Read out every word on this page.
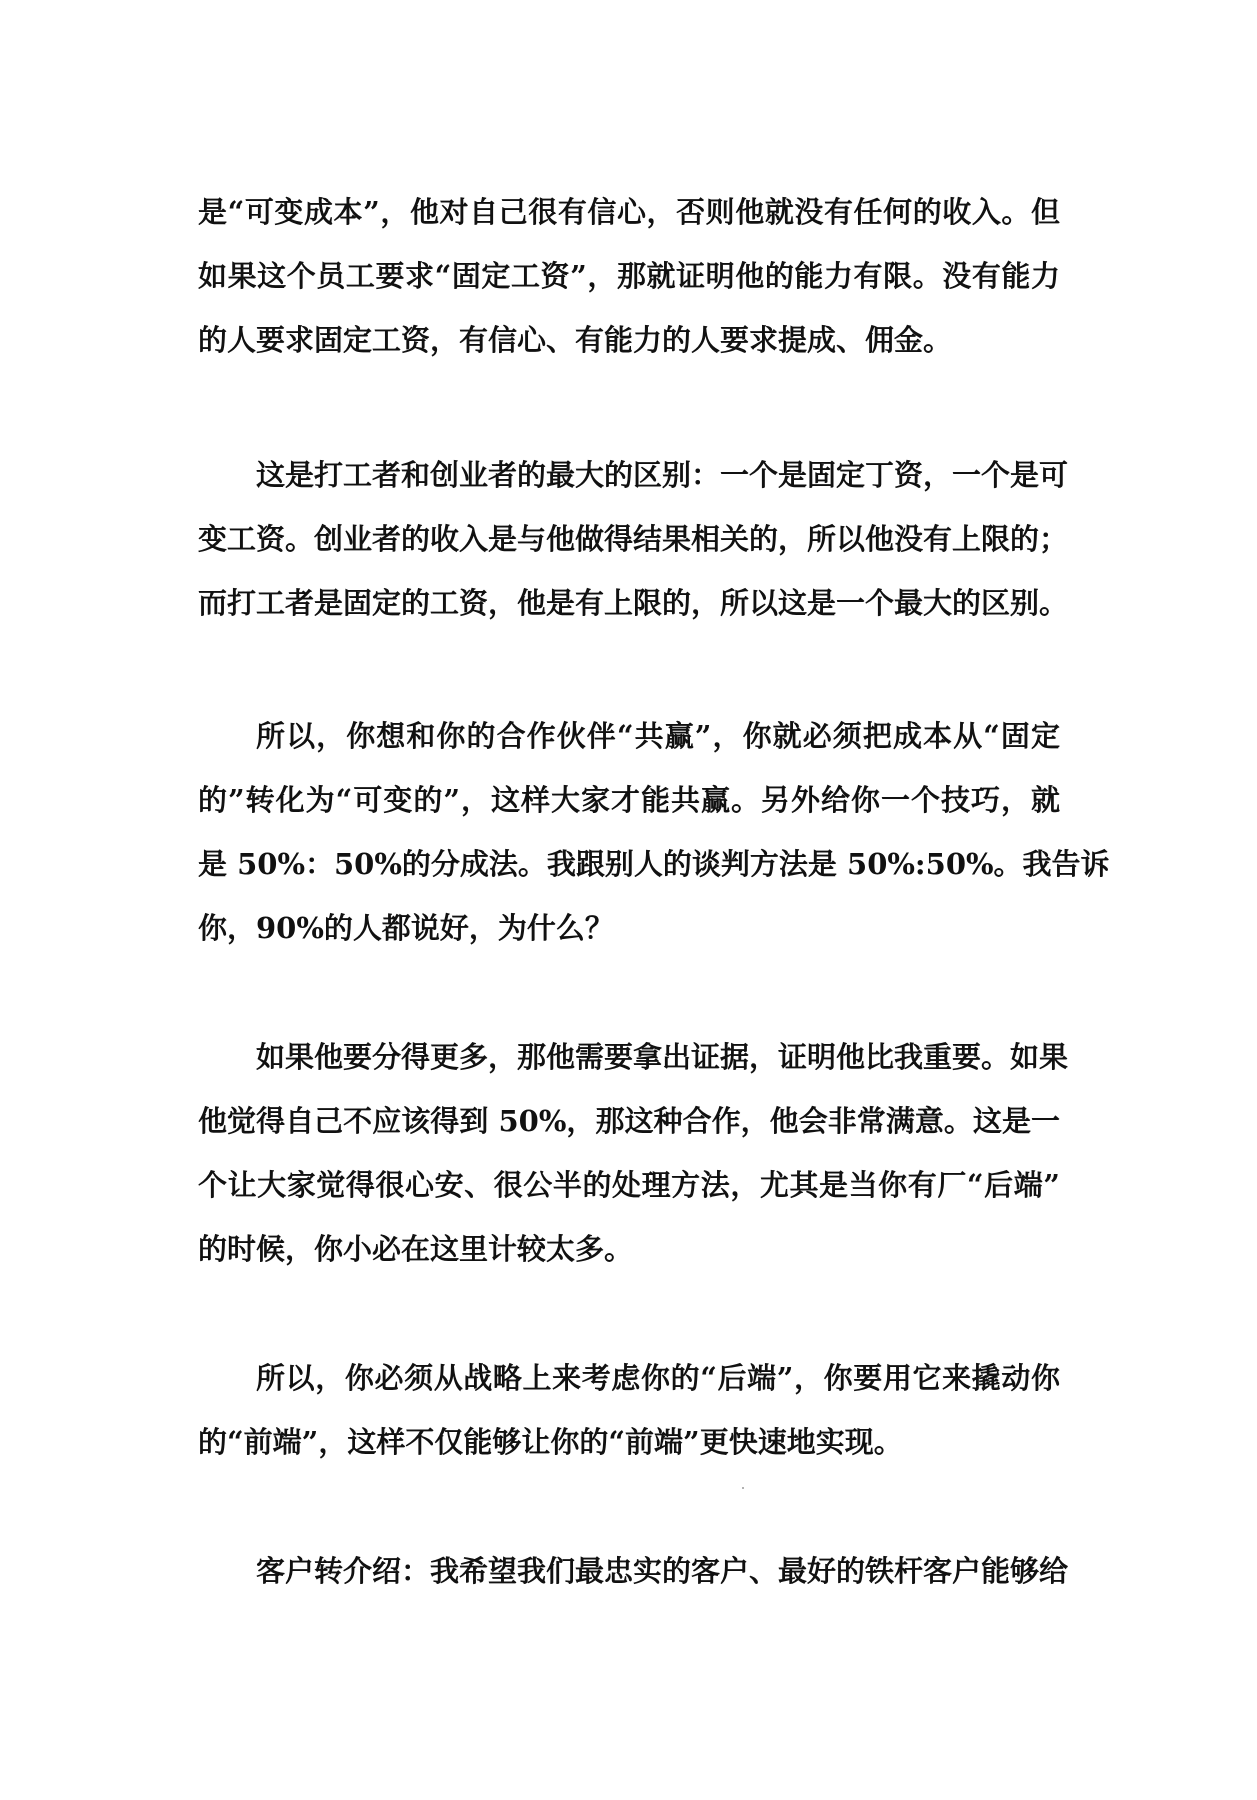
是“可变成本”，他对自己很有信心，否则他就没有任何的收入。但
如果这个员工要求“固定工资”，那就证明他的能力有限。没有能力
的人要求固定工资，有信心、有能力的人要求提成、佣金。
这是打工者和创业者的最大的区别：一个是固定丁资，一个是可
变工资。创业者的收入是与他做得结果相关的，所以他没有上限的；
而打工者是固定的工资，他是有上限的，所以这是一个最大的区别。
所以，你想和你的合作伙伴“共赢”，你就必须把成本从“固定
的”转化为“可变的”，这样大家才能共赢。另外给你一个技巧，就
是 50%：50%的分成法。我跟别人的谈判方法是 50%:50%。我告诉
你，90%的人都说好，为什么？
如果他要分得更多，那他需要拿出证据，证明他比我重要。如果
他觉得自己不应该得到 50%，那这种合作，他会非常满意。这是一
个让大家觉得很心安、很公半的处理方法，尤其是当你有厂“后端”
的时候，你小必在这里计较太多。
所以，你必须从战略上来考虑你的“后端”，你要用它来撬动你
的“前端”，这样不仅能够让你的“前端”更快速地实现。
客户转介绍：我希望我们最忠实的客户、最好的铁杆客户能够给
